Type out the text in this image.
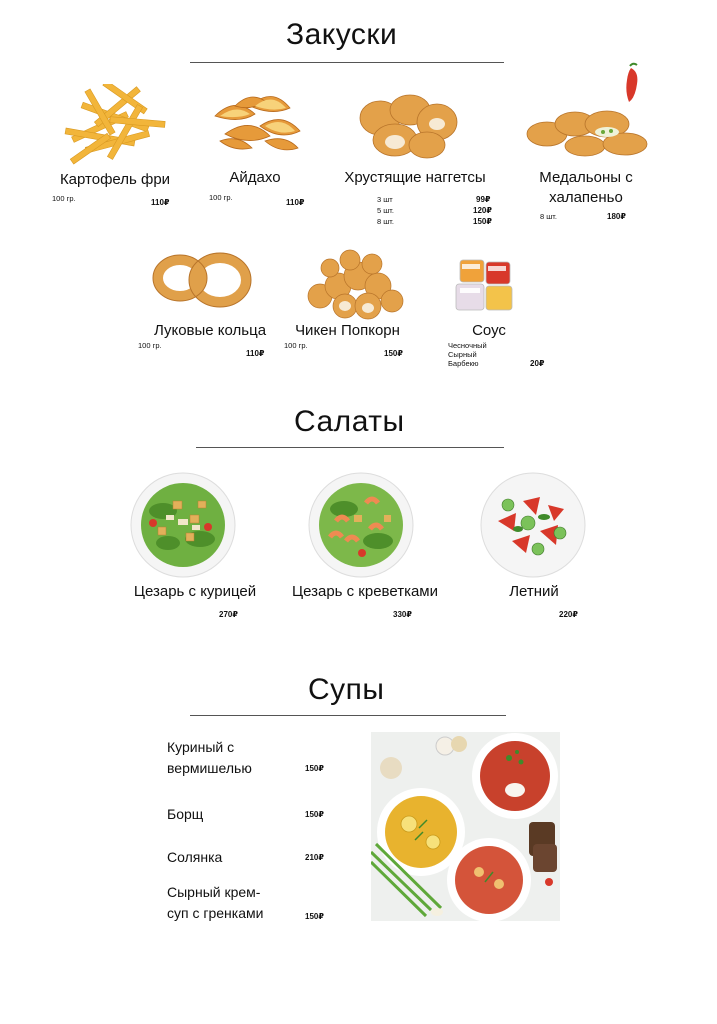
Закуски
Картофель фри
100 гр.	110₽
Айдахо
100 гр.
110₽
Хрустящие наггетсы
3 шт	99₽
5 шт.	120₽
8 шт.	150₽
Медальоны с
халапеньо
8 шт.	180₽
Луковые кольца
100 гр.
110₽
Чикен Попкорн
100 гр.
150₽
Соус
Чесночный
Сырный
Барбекю	20₽
Салаты
Цезарь с курицей
270₽
Цезарь с креветками
330₽
Летний
220₽
Супы
Куриный с
вермишелью	150₽
Борщ	150₽
Солянка	210₽
Сырный крем-
суп с гренками	150₽
